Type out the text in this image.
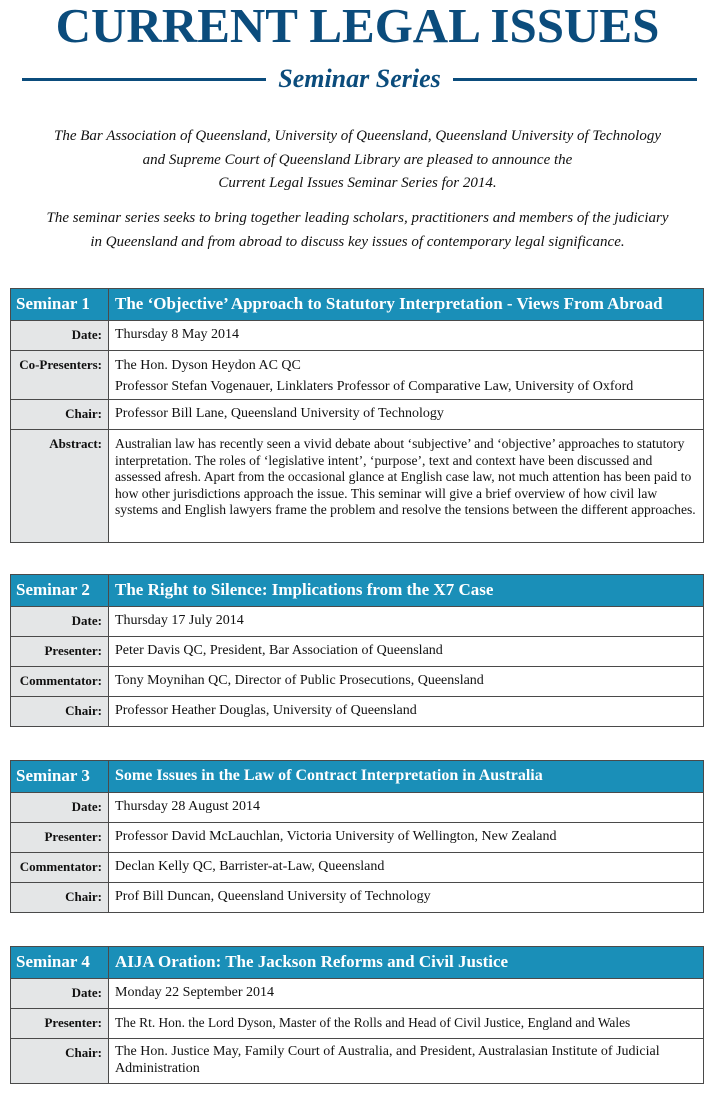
CURRENT LEGAL ISSUES
Seminar Series
The Bar Association of Queensland, University of Queensland, Queensland University of Technology
and Supreme Court of Queensland Library are pleased to announce the
Current Legal Issues Seminar Series for 2014.
The seminar series seeks to bring together leading scholars, practitioners and members of the judiciary
in Queensland and from abroad to discuss key issues of contemporary legal significance.
Seminar 1	The ‘Objective’ Approach to Statutory Interpretation - Views From Abroad
Date:	Thursday 8 May 2014
Co-Presenters:	The Hon. Dyson Heydon AC QC
Professor Stefan Vogenauer, Linklaters Professor of Comparative Law, University of Oxford

Chair:	Professor Bill Lane, Queensland University of Technology
Abstract:	Australian law has recently seen a vivid debate about ‘subjective’ and ‘objective’ approaches to statutory interpretation. The roles of ‘legislative intent’, ‘purpose’, text and context have been discussed and assessed afresh. Apart from the occasional glance at English case law, not much attention has been paid to how other jurisdictions approach the issue. This seminar will give a brief overview of how civil law systems and English lawyers frame the problem and resolve the tensions between the different approaches.
Seminar 2	The Right to Silence: Implications from the X7 Case
Date:	Thursday 17 July 2014
Presenter:	Peter Davis QC, President, Bar Association of Queensland
Commentator:	Tony Moynihan QC, Director of Public Prosecutions, Queensland
Chair:	Professor Heather Douglas, University of Queensland
Seminar 3	Some Issues in the Law of Contract Interpretation in Australia
Date:	Thursday 28 August 2014
Presenter:	Professor David McLauchlan, Victoria University of Wellington, New Zealand
Commentator:	Declan Kelly QC, Barrister-at-Law, Queensland
Chair:	Prof Bill Duncan, Queensland University of Technology
Seminar 4	AIJA Oration: The Jackson Reforms and Civil Justice
Date:	Monday 22 September 2014
Presenter:	The Rt. Hon. the Lord Dyson, Master of the Rolls and Head of Civil Justice, England and Wales
Chair:	The Hon. Justice May, Family Court of Australia, and President, Australasian Institute of Judicial Administration
